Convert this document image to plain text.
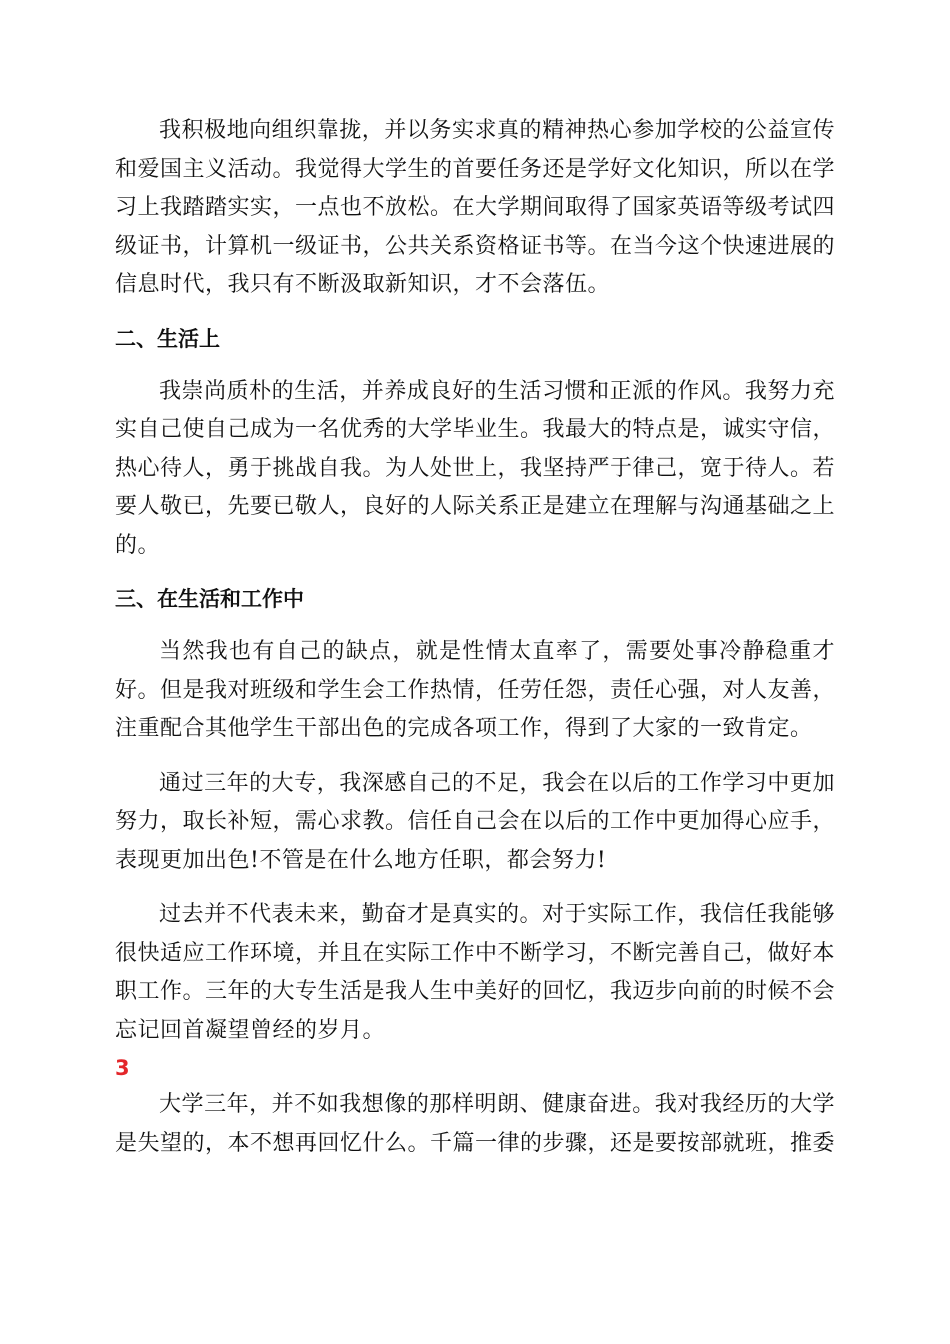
我积极地向组织靠拢，并以务实求真的精神热心参加学校的公益宣传和爱国主义活动。我觉得大学生的首要任务还是学好文化知识，所以在学习上我踏踏实实，一点也不放松。在大学期间取得了国家英语等级考试四级证书，计算机一级证书，公共关系资格证书等。在当今这个快速进展的信息时代，我只有不断汲取新知识，才不会落伍。

二、生活上

我崇尚质朴的生活，并养成良好的生活习惯和正派的作风。我努力充实自己使自己成为一名优秀的大学毕业生。我最大的特点是，诚实守信，热心待人，勇于挑战自我。为人处世上，我坚持严于律己，宽于待人。若要人敬已，先要已敬人，良好的人际关系正是建立在理解与沟通基础之上的。

三、在生活和工作中

当然我也有自己的缺点，就是性情太直率了，需要处事冷静稳重才好。但是我对班级和学生会工作热情，任劳任怨，责任心强，对人友善，注重配合其他学生干部出色的完成各项工作，得到了大家的一致肯定。

通过三年的大专，我深感自己的不足，我会在以后的工作学习中更加努力，取长补短，需心求教。信任自己会在以后的工作中更加得心应手，表现更加出色!不管是在什么地方任职，都会努力!

过去并不代表未来，勤奋才是真实的。对于实际工作，我信任我能够很快适应工作环境，并且在实际工作中不断学习，不断完善自己，做好本职工作。三年的大专生活是我人生中美好的回忆，我迈步向前的时候不会忘记回首凝望曾经的岁月。

3

大学三年，并不如我想像的那样明朗、健康奋进。我对我经历的大学是失望的，本不想再回忆什么。千篇一律的步骤，还是要按部就班，推委
